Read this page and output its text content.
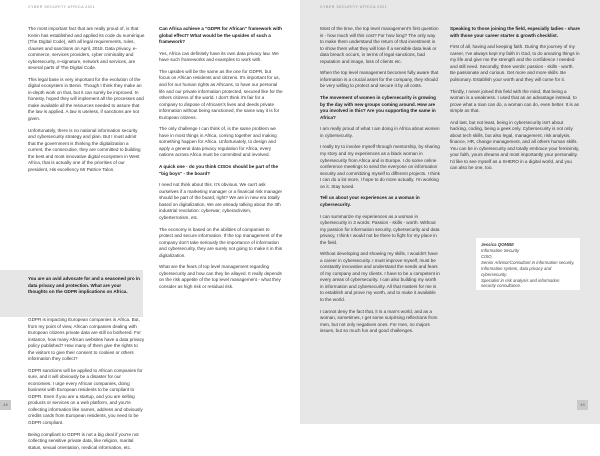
CYBER SECURITY AFRICA 2021

The most important fact that are really proud of, is that Kenin has established and applied its code du numérique (The Digital Code), with all legal requirements, rules, clauses and sanctions on April, 2018. Data privacy, e-commerce, services providers, cyber criminality and cybersecurity, e-signature, network and services, are several parts of The Digital Code.

This legal base is very important for the evolution of the digital ecosystem in Benin. Though I think they make an in-depth work on that, but it can surely be improved. In honesty, hoped they will implement all the processes and make available all the resources needed to assure that the law is applied. A law is useless, if sanctions are not given.

Unfortunately, there is no national information security and cybersecurity strategy and plan. But I must admit that the government is thinking the digitalization a current, the consecutive, they are committed to building the best and most innovative digital ecosystem in West Africa, that is actually one of the priorities of our president, His excellency Mr Patrice Talon.

You are an avid advocate for and a seasoned pro in data privacy and protection. What are your thoughts on the GDPR implications on Africa.

GDPR is impacting European companies in Africa. But, from my point of view, African companies dealing with European citizens private data are still no bothered. For instance, how many African websites have a data privacy policy published? How many of them give the rights to the visitors to give their consent to cookies or others information they collect?

GDPR sanctions will be applied to African companies for sure, and it will obviously be a disaster for our economies. I urge every African companies, doing business with European residents to be compliant to GDPR. Even if you are a startup, and you are selling products or services on a web platform, and you're collecting information like names, address and obviously credits cards from European residents, you need to be GDPR compliant.

Being compliant to GDPR is not a big deal if you're not collecting sensitive private data, like religion, marital status, sexual orientation, medical information, etc.

Can Africa achieve a "GDPR for African" framework with global effect? What would be the upsides of such a framework?

Yes, Africa can definitely have its own data privacy law. We have such frameworks and examples to work with.

The upsides will be the same as the one for GDPR, but focus on African residents and citizens. It's important for us, and for our human rights as Africans, to have our personal life and our private information protected, secured like for the others citizens of the world. I don't think it's fair for a company to dispose of Africans's lives and deeds private information without being sanctioned, the same way it is for European citizens.

The only challenge I can think of, is the same problem we have in most things in Africa, coming together and making something happen for Africa. Unfortunately, to design and apply a general data privacy regulation for Africa, every nations across Africa must be committed and involved.

A quick one - do you think CISOs should be part of the "big boys" - the board?

I need not think about this. It's obvious. We can't ask ourselves if a marketing manager or a financial risk manager should be part of the board, right? We are in new era totally based on digitalization. We are already talking about the 4th industrial revolution: cyberwar, cyberactivism, cyberterrorism, etc.

The economy is based on the abilities of companies to protect and secure information. If the top management of the company don't take seriously the importance of information and cybersecurity, they are surely not going to make it in this digitalization.

What are the fears of top level management regarding cybersecurity and how can they be allayed. It really depends on the risk appetite of the top level management - what they consider as high risk or residual risk.

48
CYBER SECURITY AFRICA 2021

Most of the time, the top level management's first question is - how much will this cost? For how long? The only way to make them understand the return of that investment is to show them what they will lose if a sensible data leak or data breach occurs, in terms of legal sanctions, bad reputation and image, loss of clients etc.

When the top level management becomes fully aware that information is a crucial asset for the company, they should be very willing to protect and secure it by all costs.

The movement of women in cybersecurity is growing by the day with new groups coming around. How are you involved in this? Are you supporting the same in Africa?

I am really proud of what I am doing in Africa about women in cybersecurity.

I really try to involve myself through mentorship, by sharing my story and my experiences as a black woman in cybersecurity from Africa and in Europe. I do some online conference meetings to send the everyone on information security and commitizing myself to different projects. I think I can do a lot more, I hope to do more actually. I'm working on it. Stay tuned.

Tell us about your experiences as a woman in cybersecurity.

I can summarize my experiences as a woman in cybersecurity in 3 words: Passion - skills - worth. Without my passion for information security, cybersecurity and data privacy, I think I would not be there to fight for my place in the field.

Without developing and showing my skills, I wouldn't have a career in cybersecurity. I must improve myself, must be constantly innovative and understand the needs and fears of my company and my clients. I have to be a competent in every areas of cybersecurity. I can also building my worth in information and cybersecurity. All that matters for me is to establish and prove my worth, and to make it available to the world.

I cannot deny the fact that, it is a man's world, and as a woman, sometimes, I get some surprising reflections from men, but not only negatives ones. For men, no majors issues, but so much fun and good challenges.

Speaking to those joining the field, especially ladies - share with those your career starter & growth checklist.

First of all, having and keeping faith. During the journey of my career, I've always kept my faith in God, to do amazing things in my life and give me the strength and the confidence I needed and still need. Secondly, three words: passion - skills - worth. Be passionate and curious. Get more and more skills. Be pulsionary. Establish your worth and they will come for it.

Thirdly, I never joined this field with the mind, that being a woman is a weakness. I used that as an advantage instead, to prove what a man can do, a woman can do, even better. It is as simple as that.

And last, but not least, being in cybersecurity isn't about hacking, coding, being a geek only. Cybersecurity is not only about tech skills, but also legal, management, risk analysis, finance, HR, change management, and all others human skills. You can be in cybersecurity and totally embrace your femininity, your faith, yours dreams and most importantly your personality. I'd like to see myself as a SHERO in a digital world, and you can also be one, too.

Jessica QOMBE
Information Security
CISO,
Senior Advisor/Consultant in information security,
Information system, data privacy and cybersecurity.
Specialist in risk analysis and information security consultance.
49
